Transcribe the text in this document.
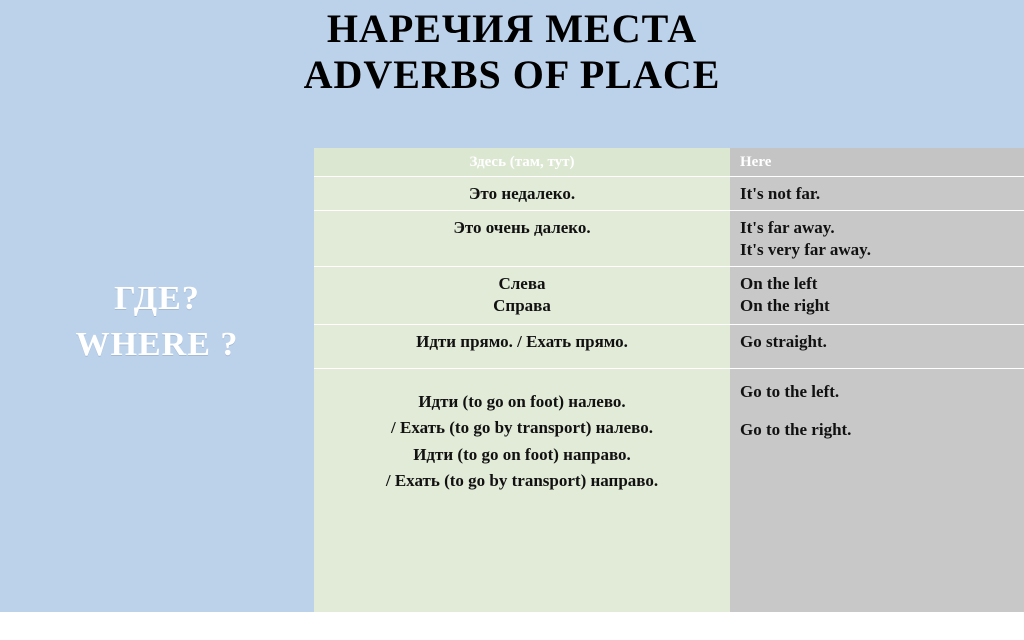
НАРЕЧИЯ МЕСТА
ADVERBS OF PLACE
ГДЕ?
WHERE ?
Здесь (там, тут)
Это недалеко.
Это очень далеко.
Слева
Справа
Идти прямо. / Ехать прямо.
Идти (to go on foot) налево.
/ Ехать (to go by transport) налево.
Идти (to go on foot) направо.
/ Ехать (to go by transport) направо.
Here
It's not far.
It's far away.
It's very far away.
On the left
On the right
Go straight.
Go to the left.
Go to the right.
